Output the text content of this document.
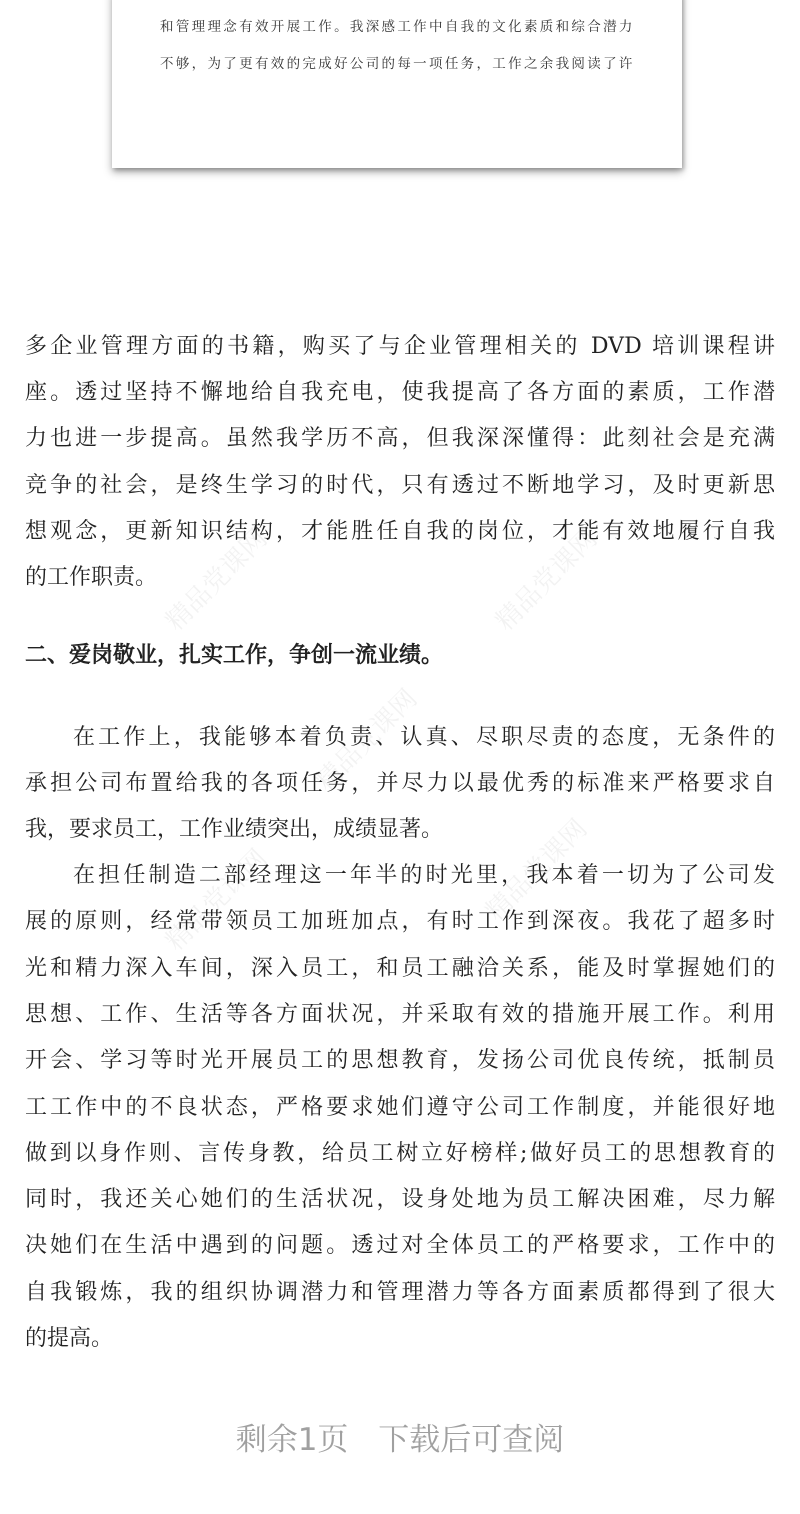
和管理理念有效开展工作。我深感工作中自我的文化素质和综合潜力
不够，为了更有效的完成好公司的每一项任务，工作之余我阅读了许
多企业管理方面的书籍，购买了与企业管理相关的 DVD 培训课程讲
座。透过坚持不懈地给自我充电，使我提高了各方面的素质，工作潜
力也进一步提高。虽然我学历不高，但我深深懂得：此刻社会是充满
竞争的社会，是终生学习的时代，只有透过不断地学习，及时更新思
想观念，更新知识结构，才能胜任自我的岗位，才能有效地履行自我
的工作职责。
在工作上，我能够本着负责、认真、尽职尽责的态度，无条件的
承担公司布置给我的各项任务，并尽力以最优秀的标准来严格要求自
我，要求员工，工作业绩突出，成绩显著。
在担任制造二部经理这一年半的时光里，我本着一切为了公司发
展的原则，经常带领员工加班加点，有时工作到深夜。我花了超多时
光和精力深入车间，深入员工，和员工融洽关系，能及时掌握她们的
思想、工作、生活等各方面状况，并采取有效的措施开展工作。利用
开会、学习等时光开展员工的思想教育，发扬公司优良传统，抵制员
工工作中的不良状态，严格要求她们遵守公司工作制度，并能很好地
做到以身作则、言传身教，给员工树立好榜样;做好员工的思想教育的
同时，我还关心她们的生活状况，设身处地为员工解决困难，尽力解
决她们在生活中遇到的问题。透过对全体员工的严格要求，工作中的
自我锻炼，我的组织协调潜力和管理潜力等各方面素质都得到了很大
的提高。
二、爱岗敬业，扎实工作，争创一流业绩。
精品党课网	精品党课网
精品党课网
精品党课网
精品党课网
剩余1页 下载后可查阅
